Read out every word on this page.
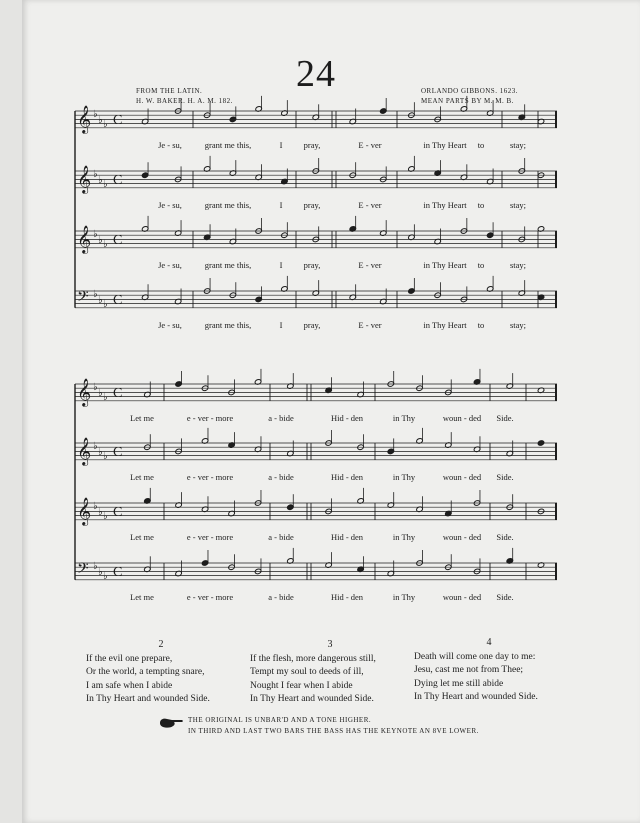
24
FROM THE LATIN.
H. W. BAKER. H. A. M. 182.
ORLANDO GIBBONS. 1623.
MEAN PARTS BY M. M. B.
𝄞 ♭
♭ ♭ C
Je - su,	grant me this,	I pray,	E - ver	in Thy Heart to	stay;
𝄞 ♭
♭ ♭ C
Je - su,	grant me this,	I pray,	E - ver	in Thy Heart to	stay;
𝄞 ♭
♭ ♭ C
Je - su,	grant me this,	I pray,	E - ver	in Thy Heart to	stay;
𝄢 ♭
♭ ♭ C
Je - su,	grant me this,	I pray,	E - ver	in Thy Heart to	stay;
𝄞 ♭
♭ ♭ C
Let me	e - ver - more	a - bide	Hid - den	in Thy	woun - ded Side.
𝄞 ♭
♭ ♭ C
Let me	e - ver - more	a - bide	Hid - den	in Thy	woun - ded Side.
𝄞 ♭
♭ ♭ C
Let me	e - ver - more	a - bide	Hid - den	in Thy	woun - ded Side.
𝄢 ♭
♭ ♭ C
Let me	e - ver - more	a - bide	Hid - den	in Thy	woun - ded Side.
2
If the evil one prepare,
Or the world, a tempting snare,
I am safe when I abide
In Thy Heart and wounded Side.
3
If the flesh, more dangerous still,
Tempt my soul to deeds of ill,
Nought I fear when I abide
In Thy Heart and wounded Side.
4
Death will come one day to me:
Jesu, cast me not from Thee;
Dying let me still abide
In Thy Heart and wounded Side.
THE ORIGINAL IS UNBAR'D AND A TONE HIGHER.
IN THIRD AND LAST TWO BARS THE BASS HAS THE KEYNOTE AN 8VE LOWER.
